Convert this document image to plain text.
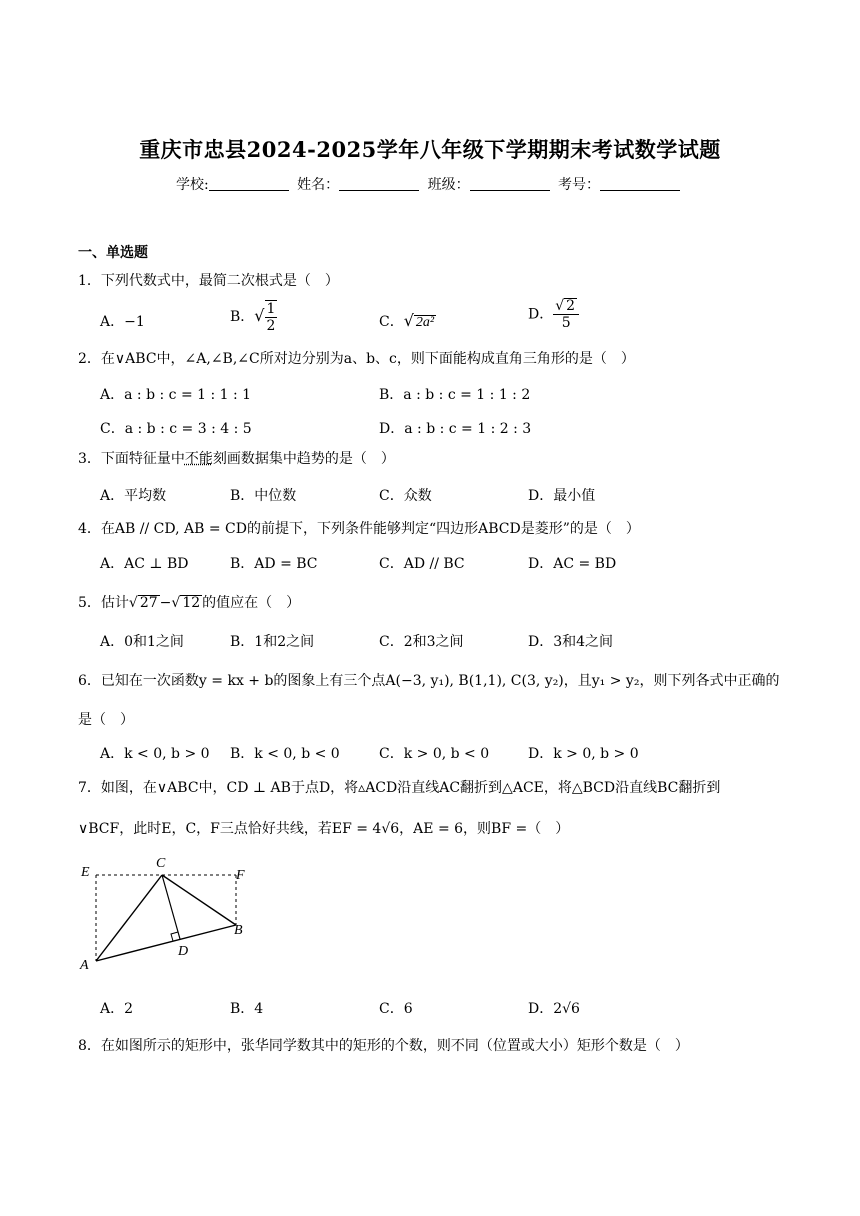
重庆市忠县2024-2025学年八年级下学期期末考试数学试题
学校:	姓名：	班级：	考号：
一、单选题
1．下列代数式中，最简二次根式是（　）
A．−1	B．√ $\frac{1}{2}$	C．√ 2a²	D． $\frac{√ 2}{5}$
2．在∨ABC中，∠A,∠B,∠C所对边分别为a、b、c，则下面能构成直角三角形的是（　）
A．a : b : c = 1 : 1 : 1	B．a : b : c = 1 : 1 : 2
C．a : b : c = 3 : 4 : 5	D．a : b : c = 1 : 2 : 3
3．下面特征量中不能刻画数据集中趋势的是（　）
A．平均数	B．中位数	C．众数	D．最小值
4．在AB // CD, AB = CD的前提下，下列条件能够判定“四边形ABCD是菱形”的是（　）
A．AC ⊥ BD	B．AD = BC	C．AD // BC	D．AC = BD
5．估计√ 27 −√ 12 的值应在（　）
A．0和1之间	B．1和2之间	C．2和3之间	D．3和4之间
6．已知在一次函数y = kx + b的图象上有三个点A(−3, y₁), B(1,1), C(3, y₂)，且y₁ > y₂，则下列各式中正确的
是（　）
A．k < 0, b > 0 B．k < 0, b < 0	C．k > 0, b < 0	D．k > 0, b > 0
7．如图，在∨ABC中，CD ⊥ AB于点D，将▵ACD沿直线AC翻折到△ACE，将△BCD沿直线BC翻折到
∨BCF，此时E，C，F三点恰好共线，若EF = 4√6，AE = 6，则BF =（　）
E
C
F
B
D
A
A．2	B．4	C．6	D．2√6
8．在如图所示的矩形中，张华同学数其中的矩形的个数，则不同（位置或大小）矩形个数是（　）
